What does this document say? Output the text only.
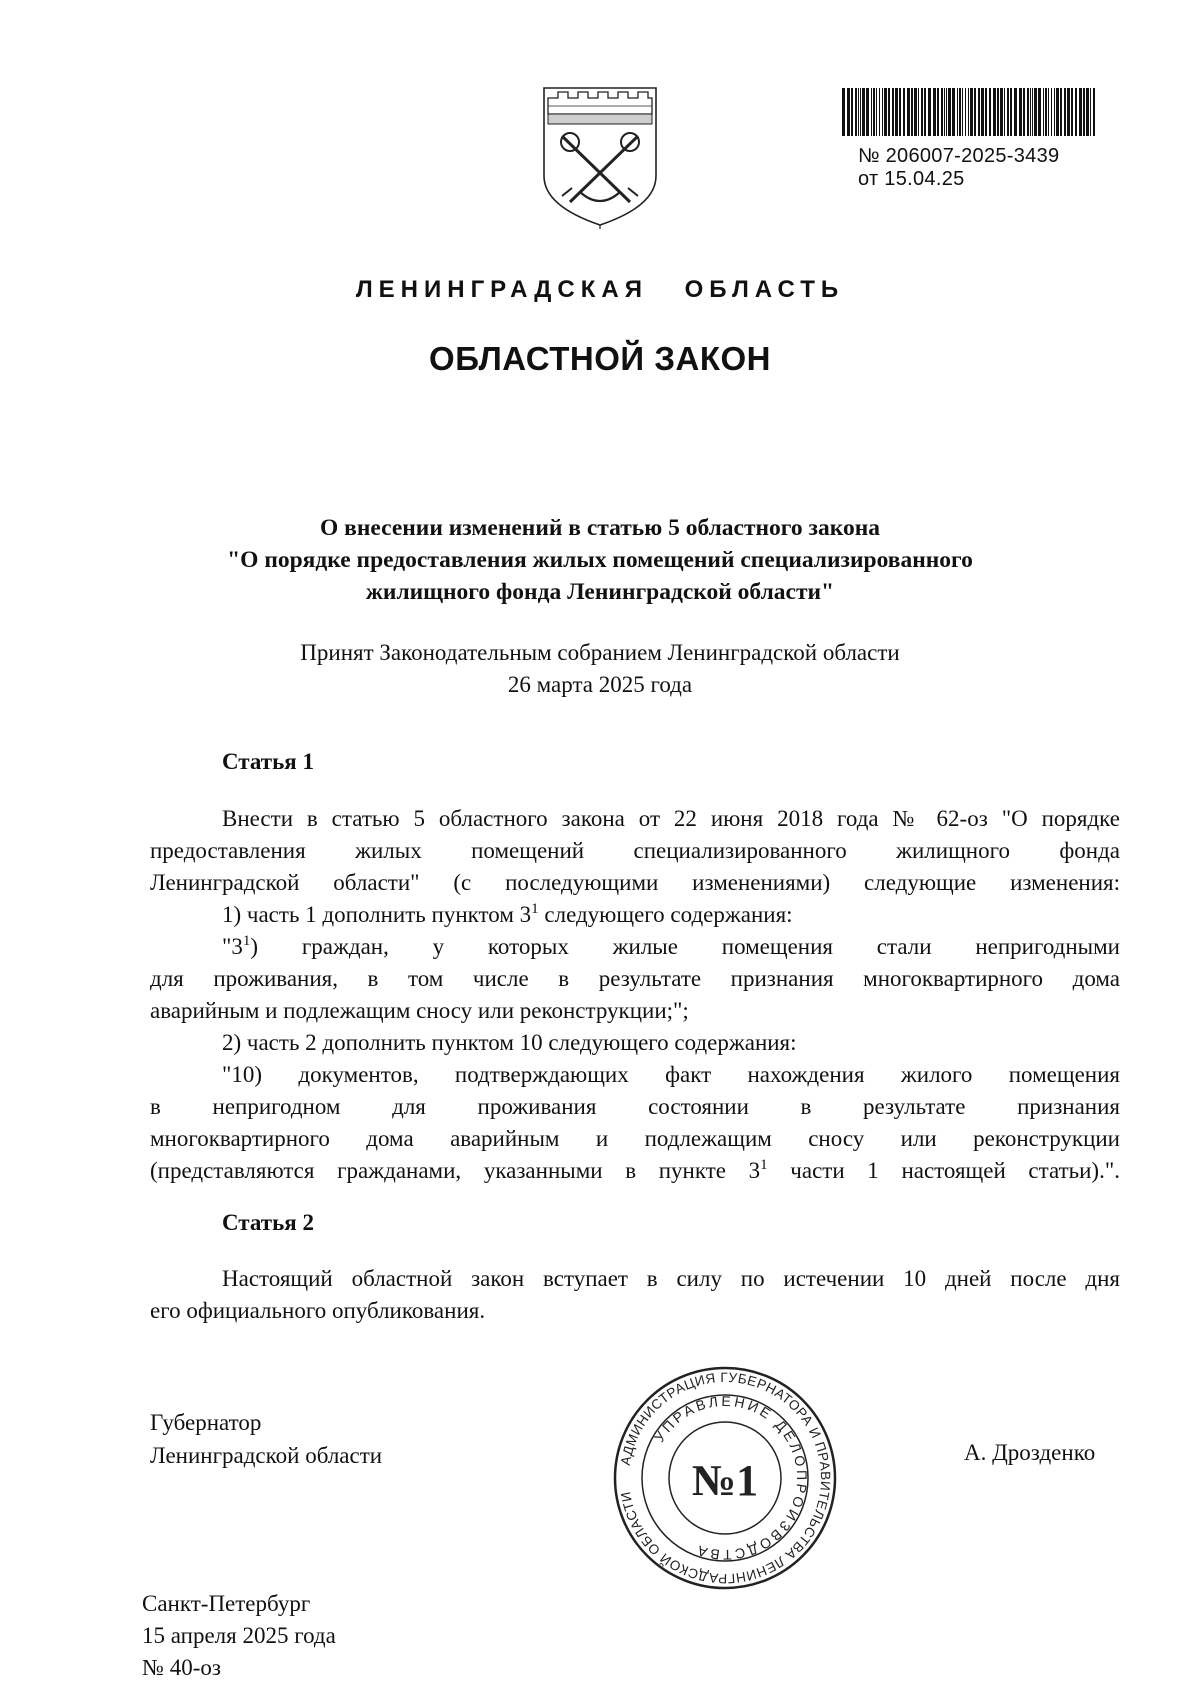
№ 206007-2025-3439
от 15.04.25
ЛЕНИНГРАДСКАЯ ОБЛАСТЬ
ОБЛАСТНОЙ ЗАКОН
О внесении изменений в статью 5 областного закона
"О порядке предоставления жилых помещений специализированного
жилищного фонда Ленинградской области"
Принят Законодательным собранием Ленинградской области
26 марта 2025 года
Статья 1
Внести в статью 5 областного закона от 22 июня 2018 года № 62-оз "О порядке
предоставления жилых помещений специализированного жилищного фонда
Ленинградской области" (с последующими изменениями) следующие изменения:
1) часть 1 дополнить пунктом $3^1$ следующего содержания:
"$3^1$) граждан, у которых жилые помещения стали непригодными
для проживания, в том числе в результате признания многоквартирного дома
аварийным и подлежащим сносу или реконструкции;";
2) часть 2 дополнить пунктом 10 следующего содержания:
"10) документов, подтверждающих факт нахождения жилого помещения
в непригодном для проживания состоянии в результате признания
многоквартирного дома аварийным и подлежащим сносу или реконструкции
(представляются гражданами, указанными в пункте $3^1$ части 1 настоящей статьи).".
Статья 2
Настоящий областной закон вступает в силу по истечении 10 дней после дня
его официального опубликования.
Губернатор
Ленинградской области	А. Дрозденко
АДМИНИСТРАЦИЯ ГУБЕРНАТОРА И ПРАВИТЕЛЬСТВА ЛЕНИНГРАДСКОЙ ОБЛАСТИ
УПРАВЛЕНИЕ ДЕЛОПРОИЗВОДСТВА
№1
Санкт-Петербург
15 апреля 2025 года
№ 40-оз
